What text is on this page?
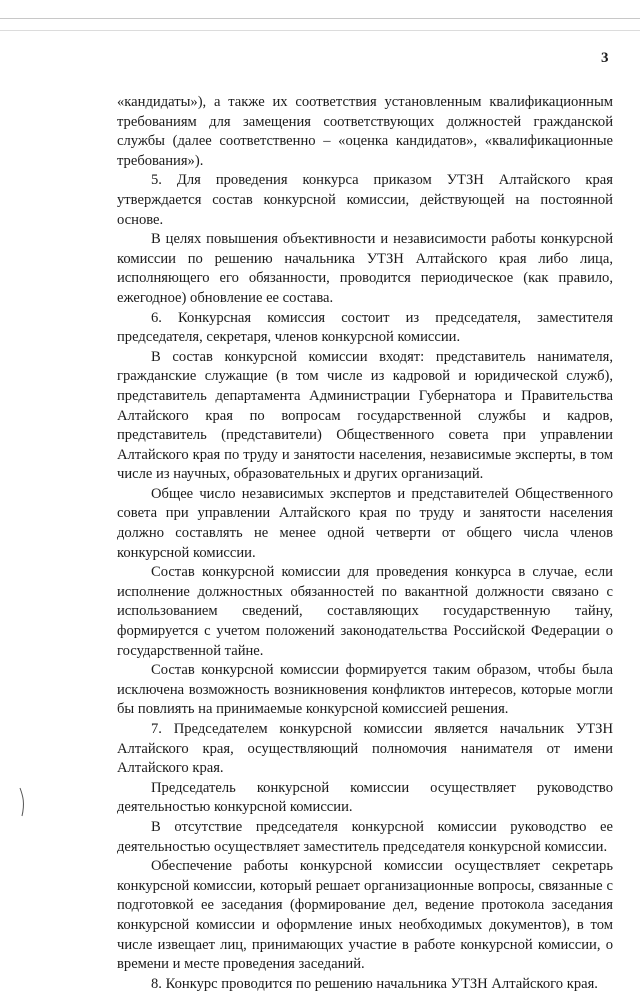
3

«кандидаты»), а также их соответствия установленным квалификационным требованиям для замещения соответствующих должностей гражданской службы (далее соответственно – «оценка кандидатов», «квалификационные требования»).

5. Для проведения конкурса приказом УТЗН Алтайского края утверждается состав конкурсной комиссии, действующей на постоянной основе.

В целях повышения объективности и независимости работы конкурсной комиссии по решению начальника УТЗН Алтайского края либо лица, исполняющего его обязанности, проводится периодическое (как правило, ежегодное) обновление ее состава.

6. Конкурсная комиссия состоит из председателя, заместителя председателя, секретаря, членов конкурсной комиссии.

В состав конкурсной комиссии входят: представитель нанимателя, гражданские служащие (в том числе из кадровой и юридической служб), представитель департамента Администрации Губернатора и Правительства Алтайского края по вопросам государственной службы и кадров, представитель (представители) Общественного совета при управлении Алтайского края по труду и занятости населения, независимые эксперты, в том числе из научных, образовательных и других организаций.

Общее число независимых экспертов и представителей Общественного совета при управлении Алтайского края по труду и занятости населения должно составлять не менее одной четверти от общего числа членов конкурсной комиссии.

Состав конкурсной комиссии для проведения конкурса в случае, если исполнение должностных обязанностей по вакантной должности связано с использованием сведений, составляющих государственную тайну, формируется с учетом положений законодательства Российской Федерации о государственной тайне.

Состав конкурсной комиссии формируется таким образом, чтобы была исключена возможность возникновения конфликтов интересов, которые могли бы повлиять на принимаемые конкурсной комиссией решения.

7. Председателем конкурсной комиссии является начальник УТЗН Алтайского края, осуществляющий полномочия нанимателя от имени Алтайского края.

Председатель конкурсной комиссии осуществляет руководство деятельностью конкурсной комиссии.

В отсутствие председателя конкурсной комиссии руководство ее деятельностью осуществляет заместитель председателя конкурсной комиссии.

Обеспечение работы конкурсной комиссии осуществляет секретарь конкурсной комиссии, который решает организационные вопросы, связанные с подготовкой ее заседания (формирование дел, ведение протокола заседания конкурсной комиссии и оформление иных необходимых документов), в том числе извещает лиц, принимающих участие в работе конкурсной комиссии, о времени и месте проведения заседаний.

8. Конкурс проводится по решению начальника УТЗН Алтайского края.
